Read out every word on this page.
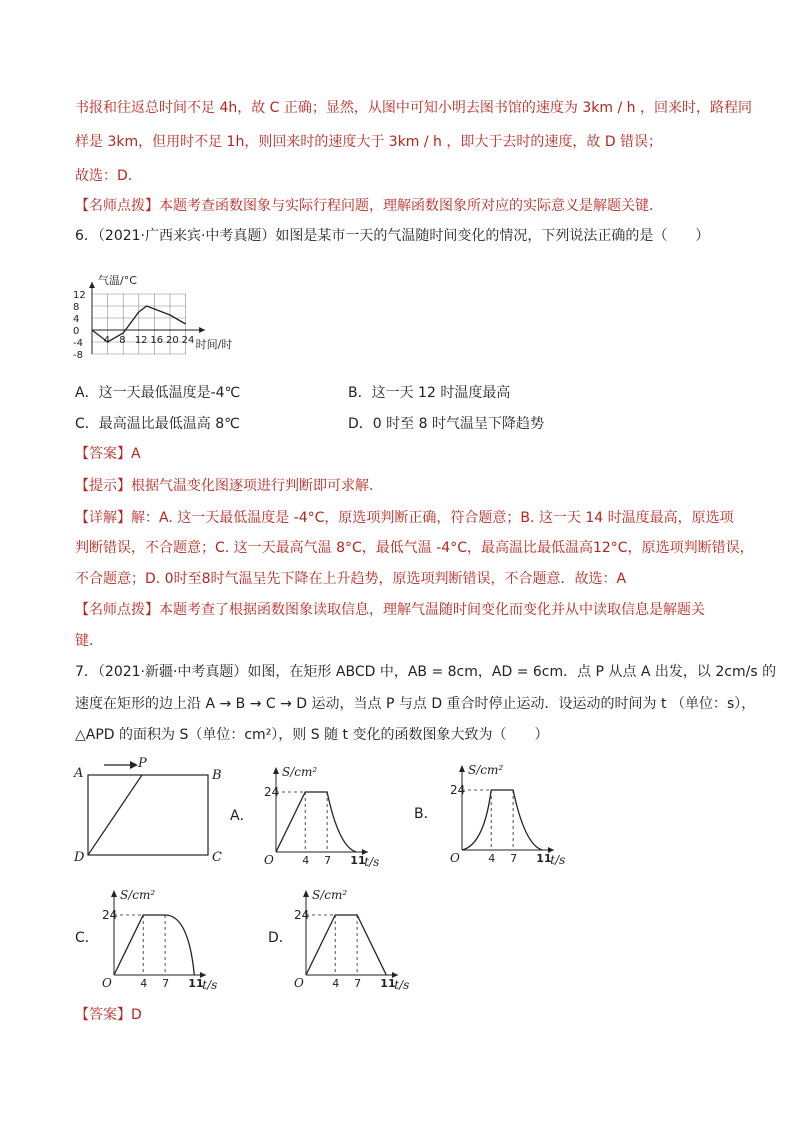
书报和往返总时间不足 4h，故 C 正确；显然，从图中可知小明去图书馆的速度为 3km / h ，回来时，路程同
样是 3km，但用时不足 1h，则回来时的速度大于 3km / h ，即大于去时的速度，故 D 错误；
故选：D．
【名师点拨】本题考查函数图象与实际行程问题，理解函数图象所对应的实际意义是解题关键．
6．（2021·广西来宾·中考真题）如图是某市一天的气温随时间变化的情况，下列说法正确的是（　　）
4 8 12 16 20 24
12
8
4
0
-4
-8
气温/°C
时间/时
A．这一天最低温度是-4℃	B．这一天 12 时温度最高
C．最高温比最低温高 8℃	D．0 时至 8 时气温呈下降趋势
【答案】A
【提示】根据气温变化图逐项进行判断即可求解．
【详解】解：A. 这一天最低温度是 -4°C，原选项判断正确，符合题意；B. 这一天 14 时温度最高，原选项
判断错误，不合题意；C. 这一天最高气温 8°C，最低气温 -4°C，最高温比最低温高12°C，原选项判断错误，
不合题意；D. 0时至8时气温呈先下降在上升趋势，原选项判断错误，不合题意．故选：A
【名师点拨】本题考查了根据函数图象读取信息，理解气温随时间变化而变化并从中读取信息是解题关
键．
7．（2021·新疆·中考真题）如图，在矩形 ABCD 中，AB = 8cm，AD = 6cm．点 P 从点 A 出发，以 2cm/s 的
速度在矩形的边上沿 A → B → C → D 运动，当点 P 与点 D 重合时停止运动．设运动的时间为 t （单位：s），
△APD 的面积为 S（单位：cm²），则 S 随 t 变化的函数图象大致为（　　）
A	B
C
D
P
A．
S/cm²
24
O	4 7 11
t/s
B．
S/cm²
24
O	4 7 11
t/s
C．
S/cm²
24
O	4 7 11
t/s
D．
S/cm²
24
O	4 7 11
t/s
【答案】D
